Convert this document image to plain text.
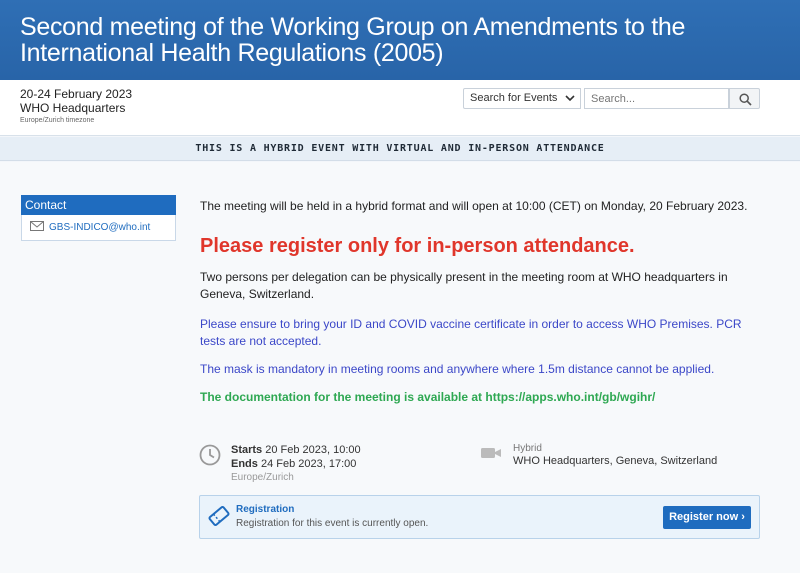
Second meeting of the Working Group on Amendments to the International Health Regulations (2005)
20-24 February 2023
WHO Headquarters
Europe/Zurich timezone
Search for Events
Search...
THIS IS A HYBRID EVENT WITH VIRTUAL AND IN-PERSON ATTENDANCE
Contact
GBS-INDICO@who.int
The meeting will be held in a hybrid format and will open at 10:00 (CET) on Monday, 20 February 2023.
Please register only for in-person attendance.
Two persons per delegation can be physically present in the meeting room at WHO headquarters in Geneva, Switzerland.
Please ensure to bring your ID and COVID vaccine certificate in order to access WHO Premises. PCR tests are not accepted.
The mask is mandatory in meeting rooms and anywhere where 1.5m distance cannot be applied.
The documentation for the meeting is available at https://apps.who.int/gb/wgihr/
Starts 20 Feb 2023, 10:00
Ends 24 Feb 2023, 17:00
Europe/Zurich
Hybrid
WHO Headquarters, Geneva, Switzerland
Registration
Registration for this event is currently open.
Register now ›
